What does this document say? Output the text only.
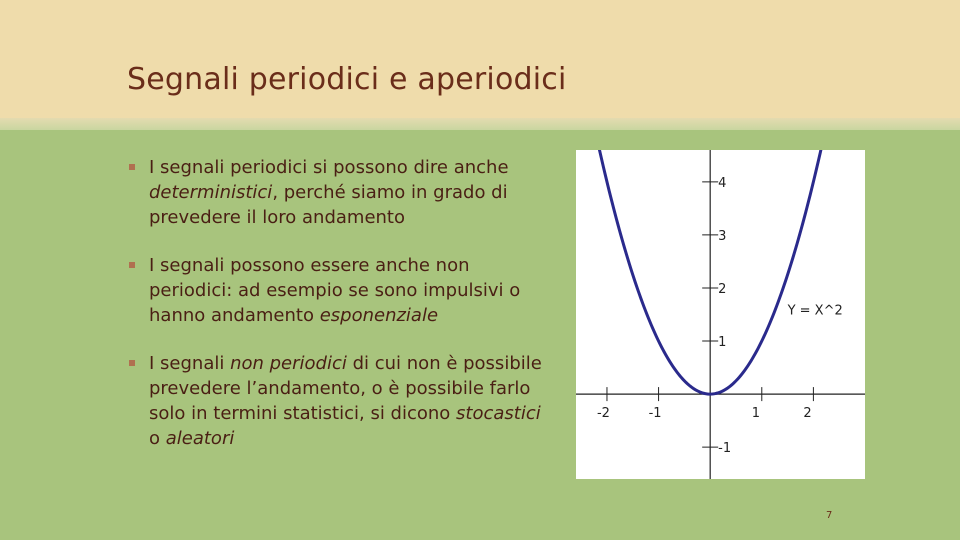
Segnali periodici e aperiodici
I segnali periodici si possono dire anche deterministici, perché siamo in grado di prevedere il loro andamento
I segnali possono essere anche non periodici: ad esempio se sono impulsivi o hanno andamento esponenziale
I segnali non periodici di cui non è possibile prevedere l’andamento, o è possibile farlo solo in termini statistici, si dicono stocastici o aleatori
-2	-1	1	2
-1
1
2
3
4
Y = X^2
7
